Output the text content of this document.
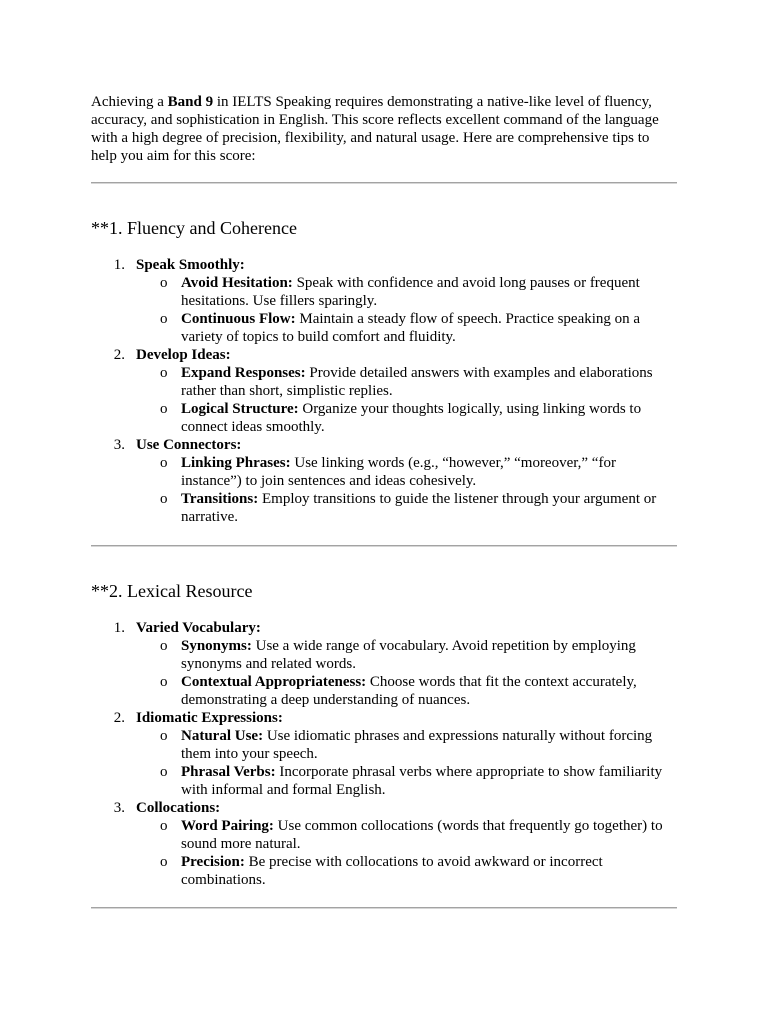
Achieving a Band 9 in IELTS Speaking requires demonstrating a native-like level of fluency, accuracy, and sophistication in English. This score reflects excellent command of the language with a high degree of precision, flexibility, and natural usage. Here are comprehensive tips to help you aim for this score:
**1. Fluency and Coherence
1. Speak Smoothly:
o Avoid Hesitation: Speak with confidence and avoid long pauses or frequent hesitations. Use fillers sparingly.
o Continuous Flow: Maintain a steady flow of speech. Practice speaking on a variety of topics to build comfort and fluidity.
2. Develop Ideas:
o Expand Responses: Provide detailed answers with examples and elaborations rather than short, simplistic replies.
o Logical Structure: Organize your thoughts logically, using linking words to connect ideas smoothly.
3. Use Connectors:
o Linking Phrases: Use linking words (e.g., “however,” “moreover,” “for instance”) to join sentences and ideas cohesively.
o Transitions: Employ transitions to guide the listener through your argument or narrative.
**2. Lexical Resource
1. Varied Vocabulary:
o Synonyms: Use a wide range of vocabulary. Avoid repetition by employing synonyms and related words.
o Contextual Appropriateness: Choose words that fit the context accurately, demonstrating a deep understanding of nuances.
2. Idiomatic Expressions:
o Natural Use: Use idiomatic phrases and expressions naturally without forcing them into your speech.
o Phrasal Verbs: Incorporate phrasal verbs where appropriate to show familiarity with informal and formal English.
3. Collocations:
o Word Pairing: Use common collocations (words that frequently go together) to sound more natural.
o Precision: Be precise with collocations to avoid awkward or incorrect combinations.
